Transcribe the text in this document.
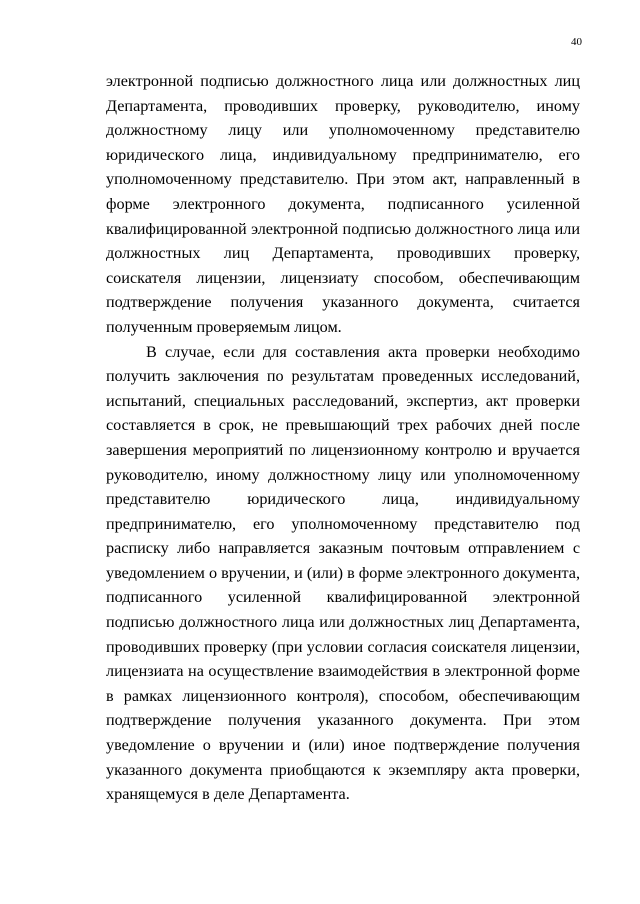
40

электронной подписью должностного лица или должностных лиц Департамента, проводивших проверку, руководителю, иному должностному лицу или уполномоченному представителю юридического лица, индивидуальному предпринимателю, его уполномоченному представителю. При этом акт, направленный в форме электронного документа, подписанного усиленной квалифицированной электронной подписью должностного лица или должностных лиц Департамента, проводивших проверку, соискателя лицензии, лицензиату способом, обеспечивающим подтверждение получения указанного документа, считается полученным проверяемым лицом.

В случае, если для составления акта проверки необходимо получить заключения по результатам проведенных исследований, испытаний, специальных расследований, экспертиз, акт проверки составляется в срок, не превышающий трех рабочих дней после завершения мероприятий по лицензионному контролю и вручается руководителю, иному должностному лицу или уполномоченному представителю юридического лица, индивидуальному предпринимателю, его уполномоченному представителю под расписку либо направляется заказным почтовым отправлением с уведомлением о вручении, и (или) в форме электронного документа, подписанного усиленной квалифицированной электронной подписью должностного лица или должностных лиц Департамента, проводивших проверку (при условии согласия соискателя лицензии, лицензиата на осуществление взаимодействия в электронной форме в рамках лицензионного контроля), способом, обеспечивающим подтверждение получения указанного документа. При этом уведомление о вручении и (или) иное подтверждение получения указанного документа приобщаются к экземпляру акта проверки, хранящемуся в деле Департамента.
